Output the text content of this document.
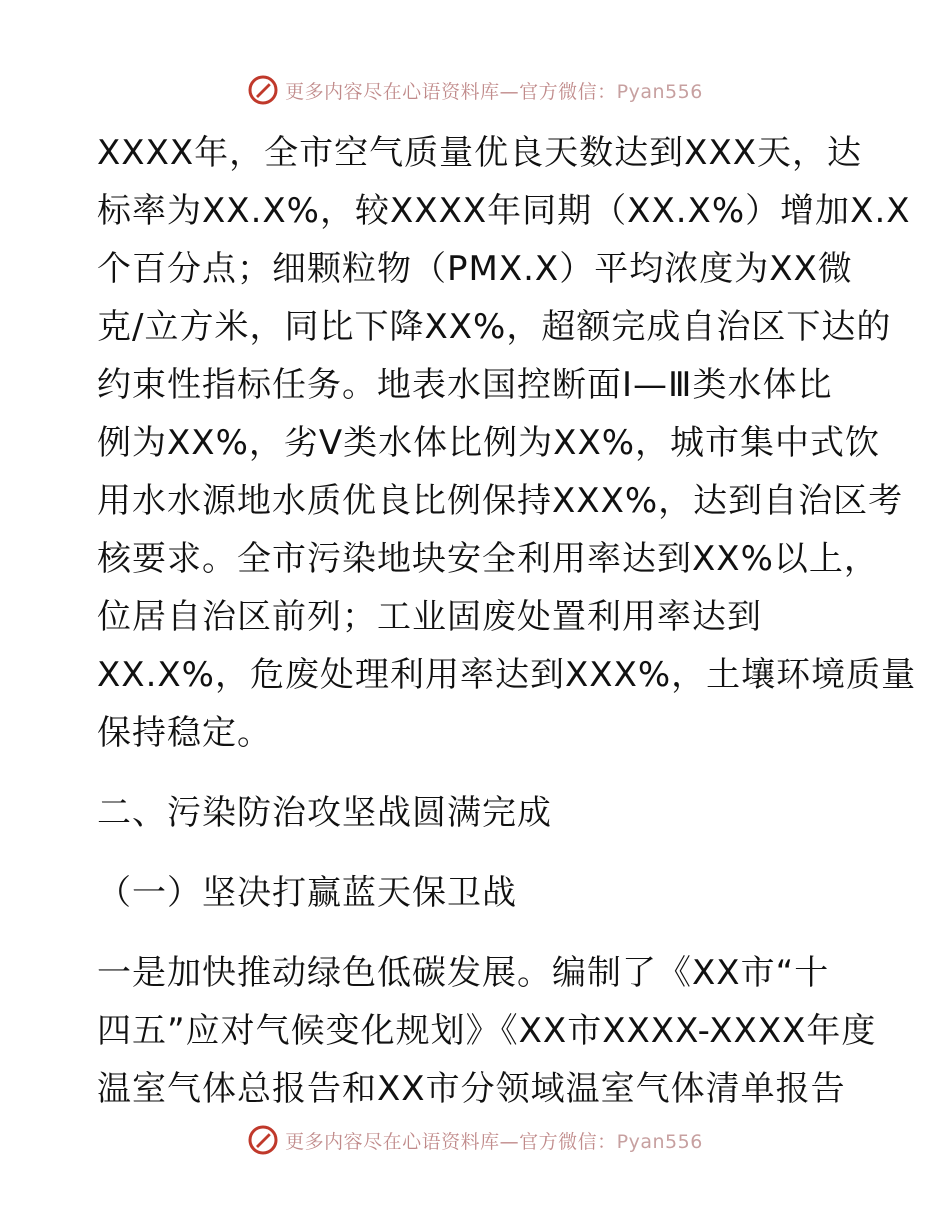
更多内容尽在心语资料库—官方微信：Pyan556

XXXX年，全市空气质量优良天数达到XXX天，达
标率为XX.X%，较XXXX年同期（XX.X%）增加X.X
个百分点；细颗粒物（PMX.X）平均浓度为XX微
克/立方米，同比下降XX%，超额完成自治区下达的
约束性指标任务。地表水国控断面Ⅰ—Ⅲ类水体比
例为XX%，劣Ⅴ类水体比例为XX%，城市集中式饮
用水水源地水质优良比例保持XXX%，达到自治区考
核要求。全市污染地块安全利用率达到XX%以上，
位居自治区前列；工业固废处置利用率达到
XX.X%，危废处理利用率达到XXX%，土壤环境质量
保持稳定。

二、污染防治攻坚战圆满完成

（一）坚决打赢蓝天保卫战

一是加快推动绿色低碳发展。编制了《XX市“十
四五”应对气候变化规划》《XX市XXXX-XXXX年度
温室气体总报告和XX市分领域温室气体清单报告

更多内容尽在心语资料库—官方微信：Pyan556
